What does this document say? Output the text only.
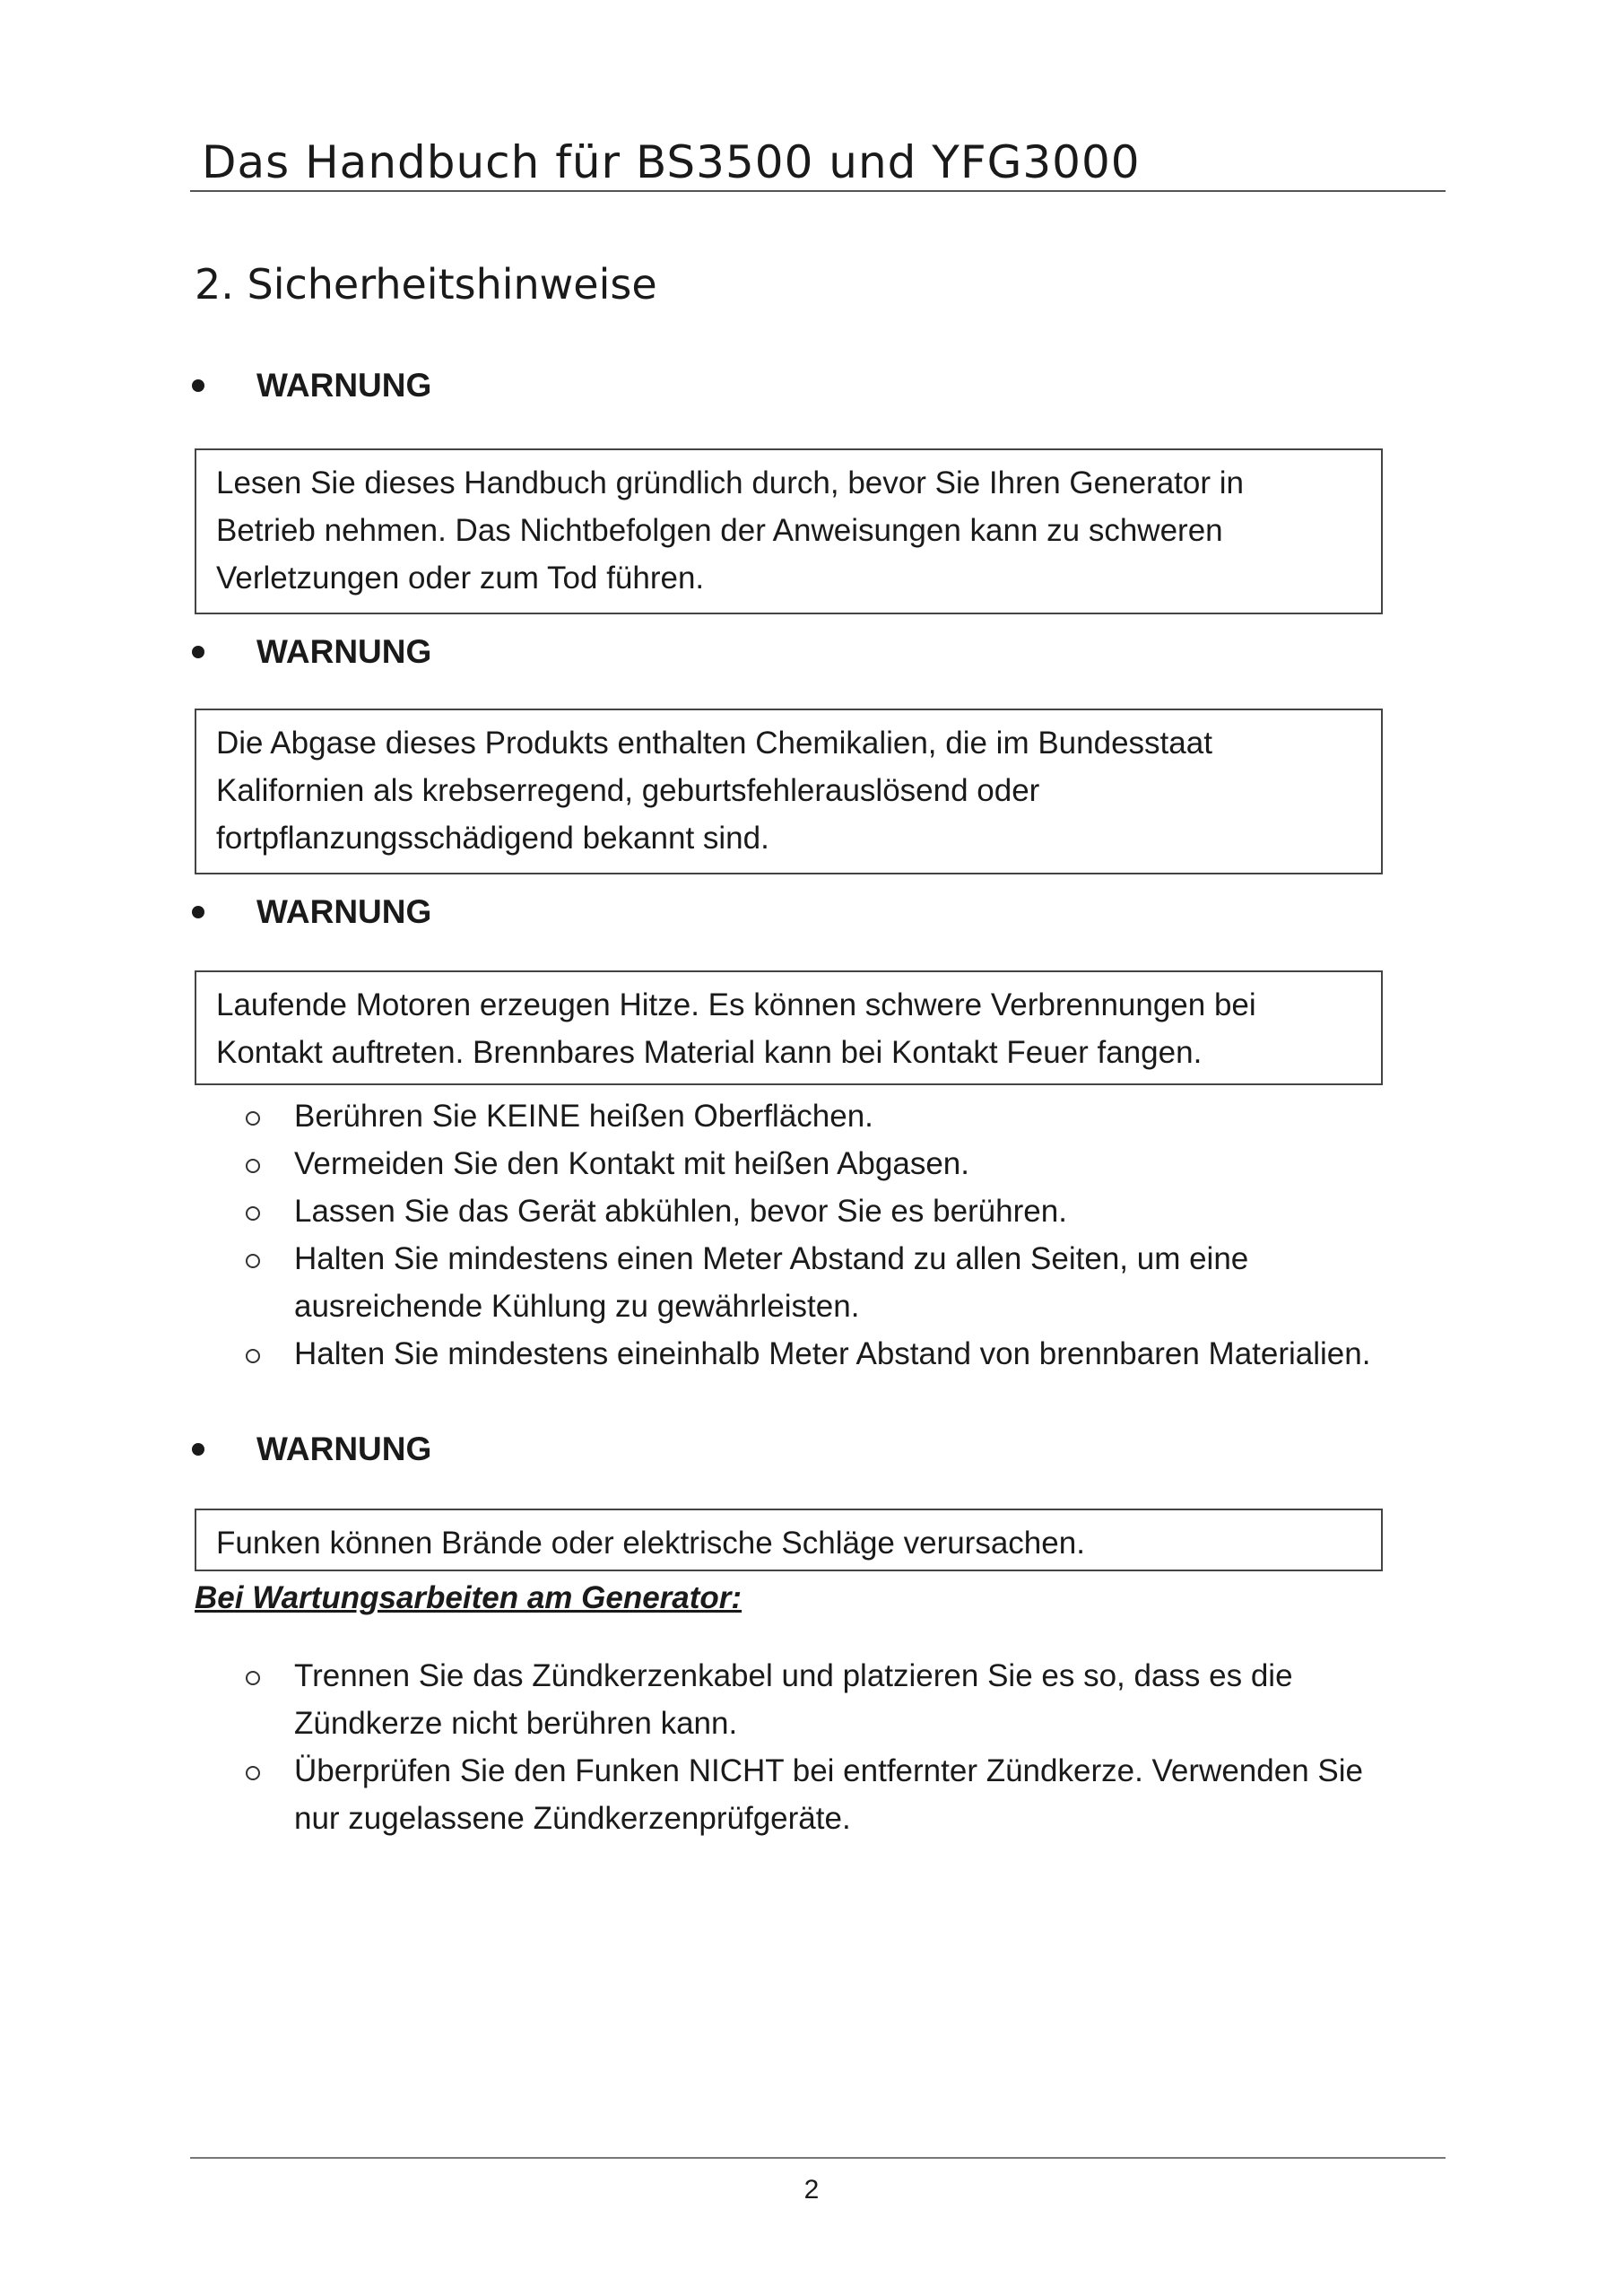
Das Handbuch für BS3500 und YFG3000
2. Sicherheitshinweise
WARNUNG

Lesen Sie dieses Handbuch gründlich durch, bevor Sie Ihren Generator in

Betrieb nehmen. Das Nichtbefolgen der Anweisungen kann zu schweren

Verletzungen oder zum Tod führen.

WARNUNG

Die Abgase dieses Produkts enthalten Chemikalien, die im Bundesstaat

Kalifornien als krebserregend, geburtsfehlerauslösend oder

fortpflanzungsschädigend bekannt sind.

WARNUNG

Laufende Motoren erzeugen Hitze. Es können schwere Verbrennungen bei

Kontakt auftreten. Brennbares Material kann bei Kontakt Feuer fangen.

Berühren Sie KEINE heißen Oberflächen.
Vermeiden Sie den Kontakt mit heißen Abgasen.
Lassen Sie das Gerät abkühlen, bevor Sie es berühren.
Halten Sie mindestens einen Meter Abstand zu allen Seiten, um eine
ausreichende Kühlung zu gewährleisten.
Halten Sie mindestens eineinhalb Meter Abstand von brennbaren Materialien.
WARNUNG

Funken können Brände oder elektrische Schläge verursachen.

Bei Wartungsarbeiten am Generator:
Trennen Sie das Zündkerzenkabel und platzieren Sie es so, dass es die
Zündkerze nicht berühren kann.
Überprüfen Sie den Funken NICHT bei entfernter Zündkerze. Verwenden Sie
nur zugelassene Zündkerzenprüfgeräte.
2
